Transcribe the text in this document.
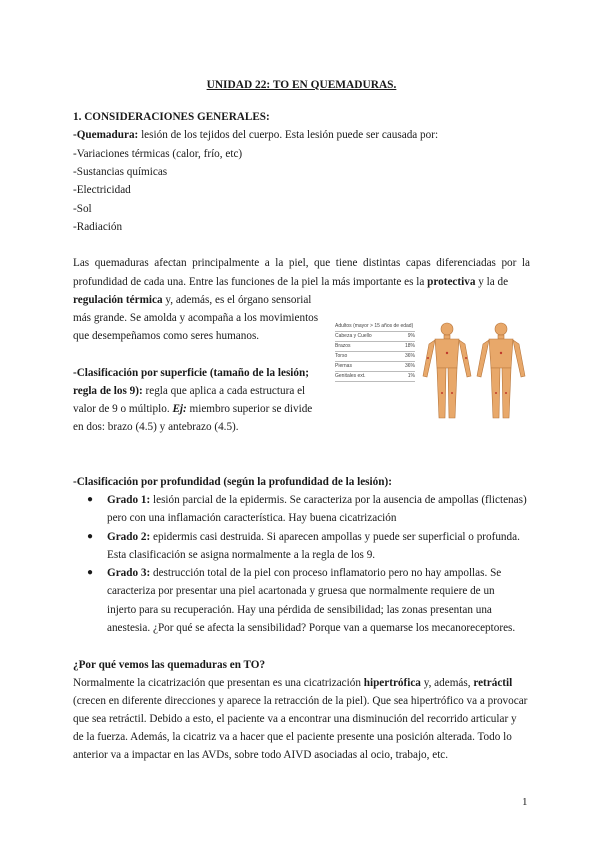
UNIDAD 22: TO EN QUEMADURAS.
1. CONSIDERACIONES GENERALES:
-Quemadura: lesión de los tejidos del cuerpo. Esta lesión puede ser causada por:
-Variaciones térmicas (calor, frío, etc)
-Sustancias químicas
-Electricidad
-Sol
-Radiación
Las quemaduras afectan principalmente a la piel, que tiene distintas capas diferenciadas por la
profundidad de cada una. Entre las funciones de la piel la más importante es la protectiva y la de
regulación térmica y, además, es el órgano sensorial
más grande. Se amolda y acompaña a los movimientos
que desempeñamos como seres humanos.
-Clasificación por superficie (tamaño de la lesión;
regla de los 9): regla que aplica a cada estructura el
valor de 9 o múltiplo. Ej: miembro superior se divide
en dos: brazo (4.5) y antebrazo (4.5).
-Clasificación por profundidad (según la profundidad de la lesión):
● Grado 1: lesión parcial de la epidermis. Se caracteriza por la ausencia de ampollas (flictenas)
pero con una inflamación característica. Hay buena cicatrización
● Grado 2: epidermis casi destruida. Si aparecen ampollas y puede ser superficial o profunda.
Esta clasificación se asigna normalmente a la regla de los 9.
● Grado 3: destrucción total de la piel con proceso inflamatorio pero no hay ampollas. Se
caracteriza por presentar una piel acartonada y gruesa que normalmente requiere de un
injerto para su recuperación. Hay una pérdida de sensibilidad; las zonas presentan una
anestesia. ¿Por qué se afecta la sensibilidad? Porque van a quemarse los mecanoreceptores.
¿Por qué vemos las quemaduras en TO?
Normalmente la cicatrización que presentan es una cicatrización hipertrófica y, además, retráctil
(crecen en diferente direcciones y aparece la retracción de la piel). Que sea hipertrófico va a provocar
que sea retráctil. Debido a esto, el paciente va a encontrar una disminución del recorrido articular y
de la fuerza. Además, la cicatriz va a hacer que el paciente presente una posición alterada. Todo lo
anterior va a impactar en las AVDs, sobre todo AIVD asociadas al ocio, trabajo, etc.
Adultos (mayor > 15 años de edad)
Cabeza y Cuello	9%
Brazos	18%
Torso	36%
Piernas	36%
Genitales ext.	1%
1
